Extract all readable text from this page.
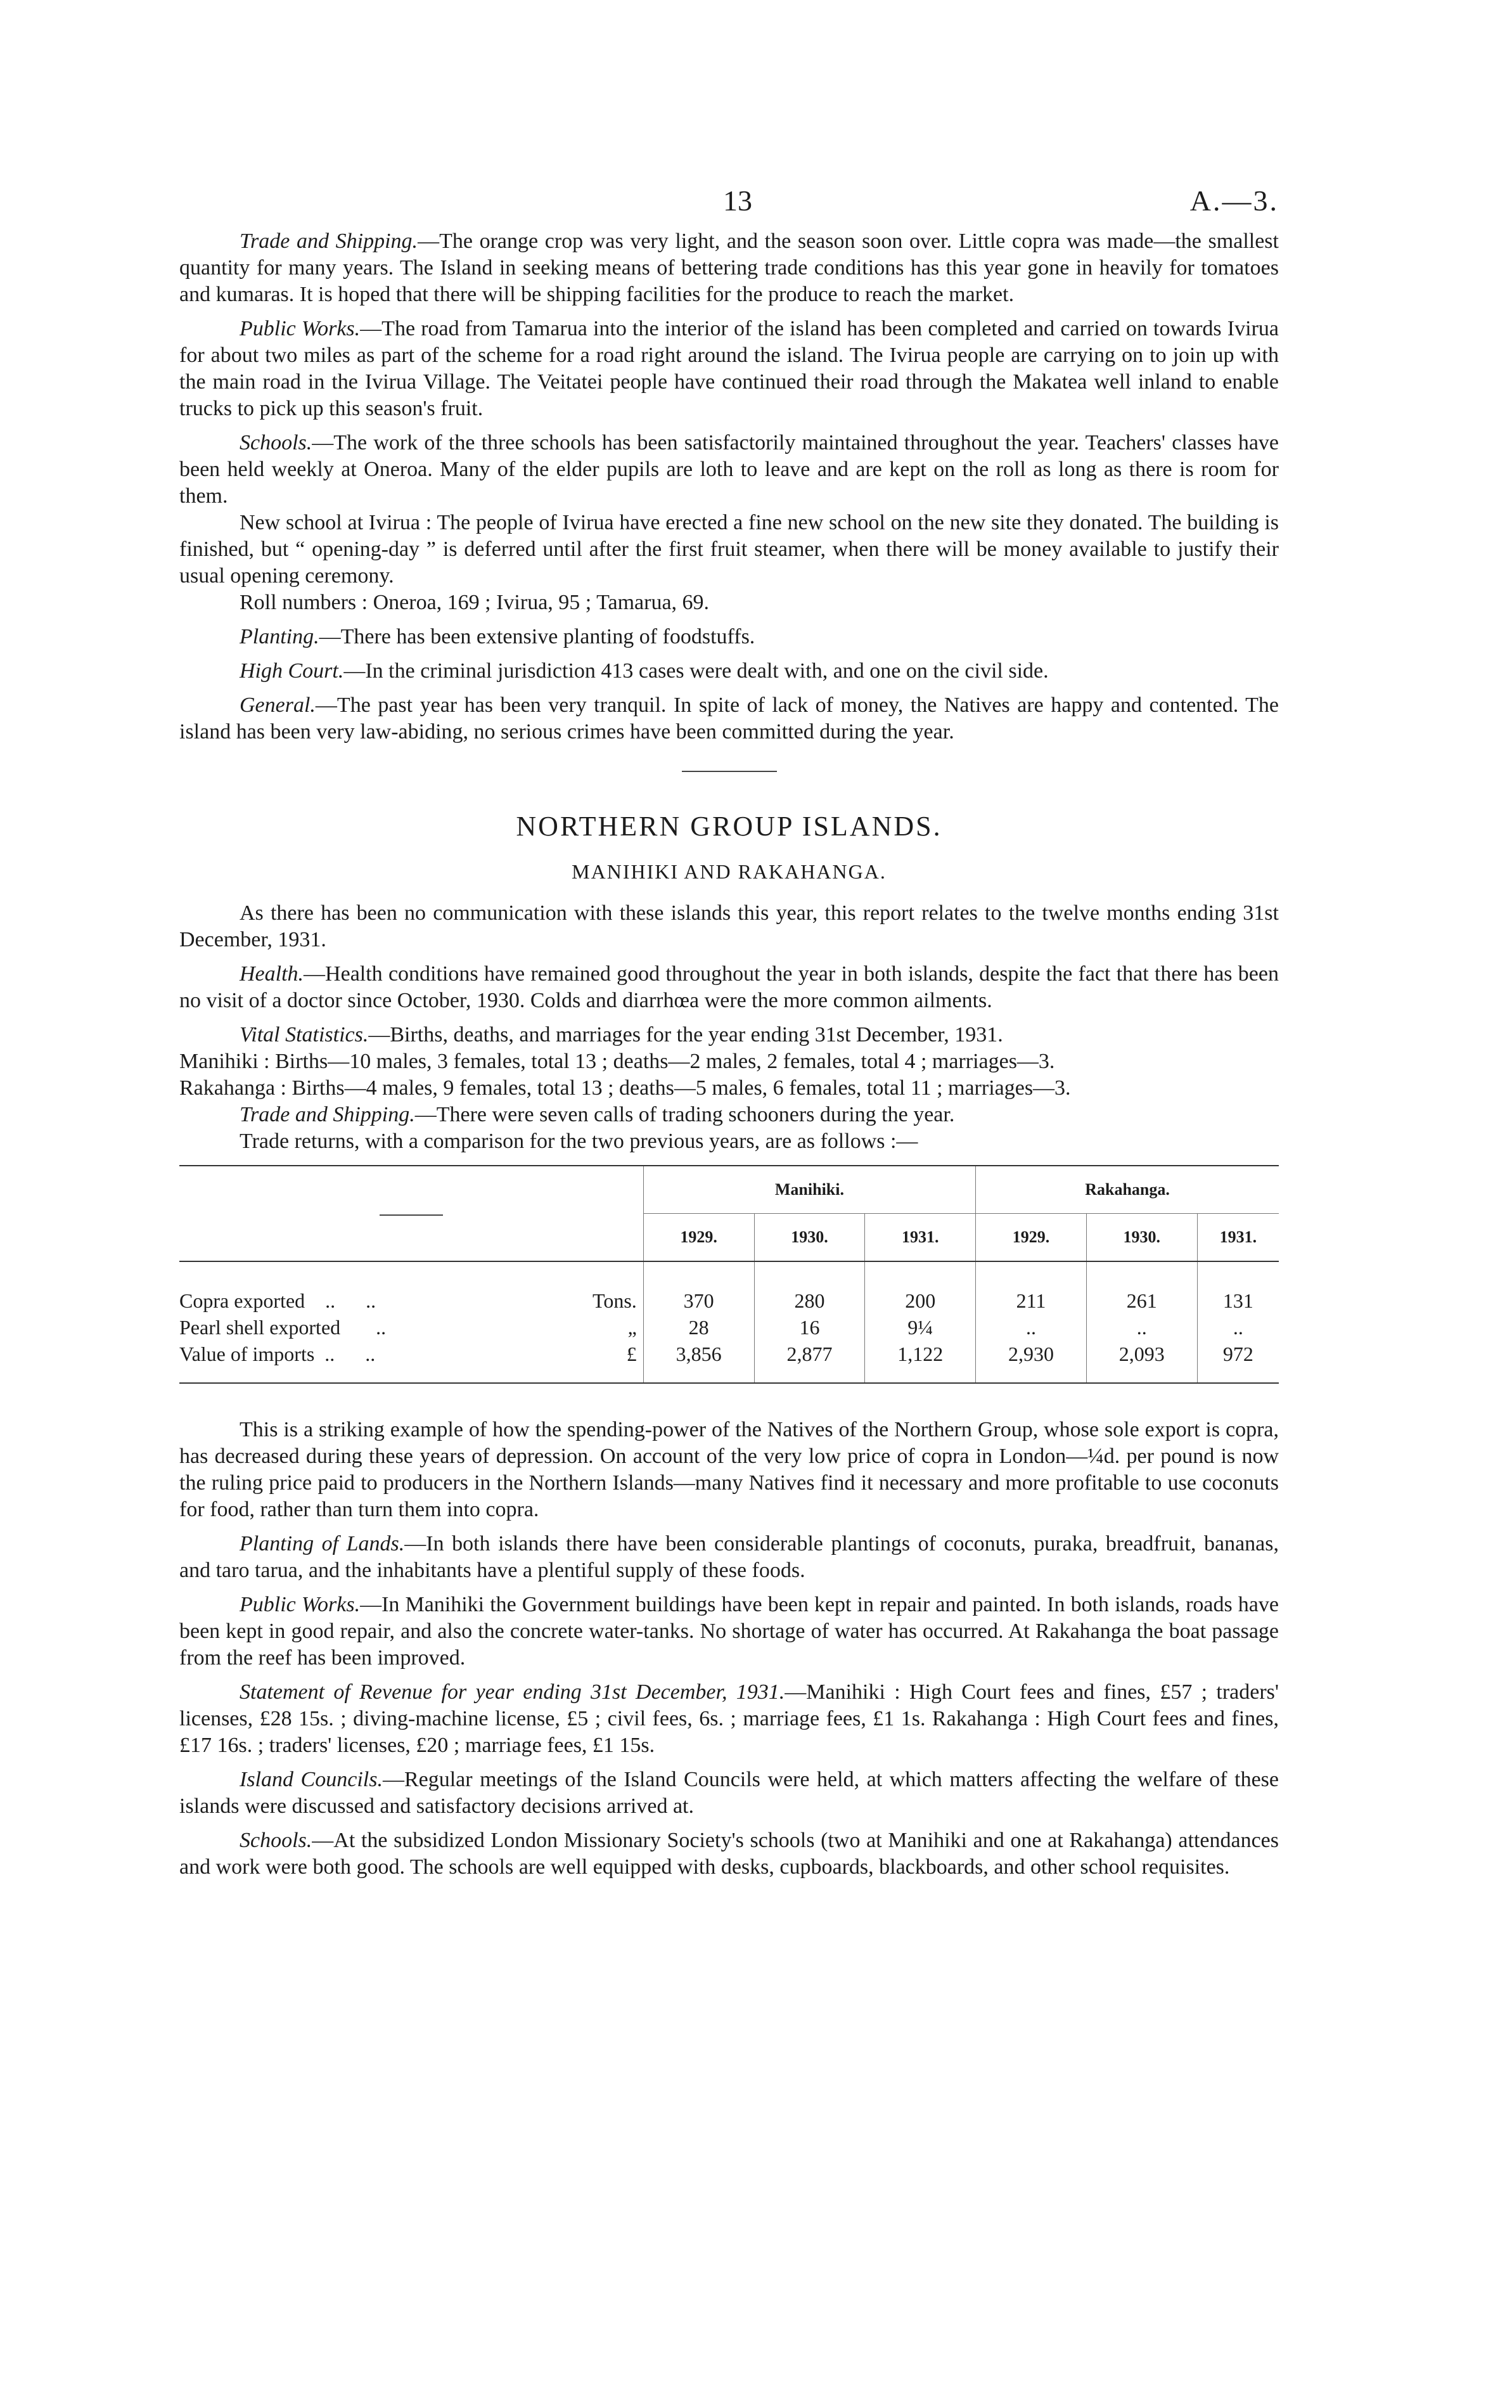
13	A.—3.

Trade and Shipping.—The orange crop was very light, and the season soon over. Little copra was made—the smallest quantity for many years. The Island in seeking means of bettering trade conditions has this year gone in heavily for tomatoes and kumaras. It is hoped that there will be shipping facilities for the produce to reach the market.

Public Works.—The road from Tamarua into the interior of the island has been completed and carried on towards Ivirua for about two miles as part of the scheme for a road right around the island. The Ivirua people are carrying on to join up with the main road in the Ivirua Village. The Veitatei people have continued their road through the Makatea well inland to enable trucks to pick up this season's fruit.

Schools.—The work of the three schools has been satisfactorily maintained throughout the year. Teachers' classes have been held weekly at Oneroa. Many of the elder pupils are loth to leave and are kept on the roll as long as there is room for them.

New school at Ivirua : The people of Ivirua have erected a fine new school on the new site they donated. The building is finished, but “ opening-day ” is deferred until after the first fruit steamer, when there will be money available to justify their usual opening ceremony.

Roll numbers : Oneroa, 169 ; Ivirua, 95 ; Tamarua, 69.

Planting.—There has been extensive planting of foodstuffs.

High Court.—In the criminal jurisdiction 413 cases were dealt with, and one on the civil side.

General.—The past year has been very tranquil. In spite of lack of money, the Natives are happy and contented. The island has been very law-abiding, no serious crimes have been committed during the year.

NORTHERN GROUP ISLANDS.
MANIHIKI AND RAKAHANGA.

As there has been no communication with these islands this year, this report relates to the twelve months ending 31st December, 1931.

Health.—Health conditions have remained good throughout the year in both islands, despite the fact that there has been no visit of a doctor since October, 1930. Colds and diarrhœa were the more common ailments.

Vital Statistics.—Births, deaths, and marriages for the year ending 31st December, 1931.

Manihiki : Births—10 males, 3 females, total 13 ; deaths—2 males, 2 females, total 4 ; marriages—3.

Rakahanga : Births—4 males, 9 females, total 13 ; deaths—5 males, 6 females, total 11 ; marriages—3.

Trade and Shipping.—There were seven calls of trading schooners during the year.

Trade returns, with a comparison for the two previous years, are as follows :—

		Manihiki.			Rakahanga.		
		1929.	1930.	1931.	1929.	1930.	1931.
Copra exported ..      ..	Tons.	370	280	200	211	261	131
Pearl shell exported ..	„	28	16	9¼	..	..	..
Value of imports ..      ..	£	3,856	2,877	1,122	2,930	2,093	972

This is a striking example of how the spending-power of the Natives of the Northern Group, whose sole export is copra, has decreased during these years of depression. On account of the very low price of copra in London—¼d. per pound is now the ruling price paid to producers in the Northern Islands—many Natives find it necessary and more profitable to use coconuts for food, rather than turn them into copra.

Planting of Lands.—In both islands there have been considerable plantings of coconuts, puraka, breadfruit, bananas, and taro tarua, and the inhabitants have a plentiful supply of these foods.

Public Works.—In Manihiki the Government buildings have been kept in repair and painted. In both islands, roads have been kept in good repair, and also the concrete water-tanks. No shortage of water has occurred. At Rakahanga the boat passage from the reef has been improved.

Statement of Revenue for year ending 31st December, 1931.—Manihiki : High Court fees and fines, £57 ; traders' licenses, £28 15s. ; diving-machine license, £5 ; civil fees, 6s. ; marriage fees, £1 1s. Rakahanga : High Court fees and fines, £17 16s. ; traders' licenses, £20 ; marriage fees, £1 15s.

Island Councils.—Regular meetings of the Island Councils were held, at which matters affecting the welfare of these islands were discussed and satisfactory decisions arrived at.

Schools.—At the subsidized London Missionary Society's schools (two at Manihiki and one at Rakahanga) attendances and work were both good. The schools are well equipped with desks, cupboards, blackboards, and other school requisites.
